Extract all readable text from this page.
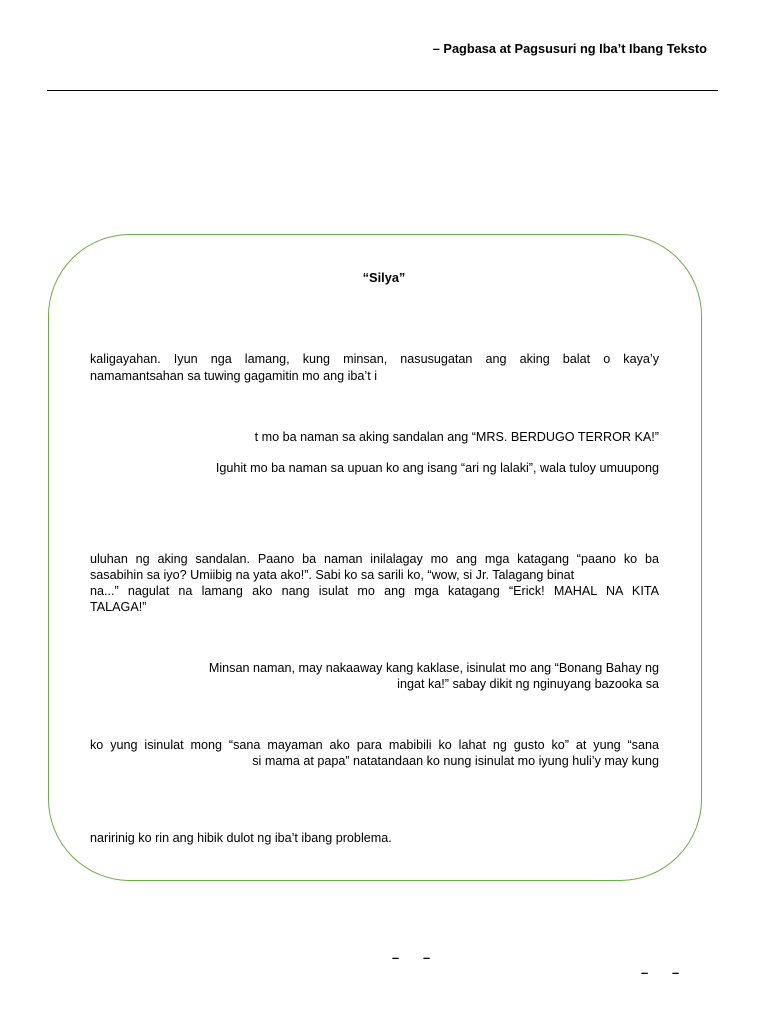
– Pagbasa at Pagsusuri ng Iba’t Ibang Teksto
“Silya”
kaligayahan. Iyun nga lamang, kung minsan, nasusugatan ang aking balat o kaya’y
namamantsahan sa tuwing gagamitin mo ang iba’t i
t mo ba naman sa aking sandalan ang “MRS. BERDUGO TERROR KA!”
Iguhit mo ba naman sa upuan ko ang isang “ari ng lalaki”, wala tuloy umuupong
uluhan ng aking sandalan. Paano ba naman inilalagay mo ang mga katagang “paano ko ba
sasabihin sa iyo? Umiibig na yata ako!”. Sabi ko sa sarili ko, “wow, si Jr. Talagang binat
na...” nagulat na lamang ako nang isulat mo ang mga katagang “Erick! MAHAL NA KITA
TALAGA!”
Minsan naman, may nakaaway kang kaklase, isinulat mo ang “Bonang Bahay ng
ingat ka!” sabay dikit ng nginuyang bazooka sa
ko yung isinulat mong “sana mayaman ako para mabibili ko lahat ng gusto ko” at yung “sana
si mama at papa” natatandaan ko nung isinulat mo iyung huli’y may kung
naririnig ko rin ang hibik dulot ng iba’t ibang problema.
– –
– –
